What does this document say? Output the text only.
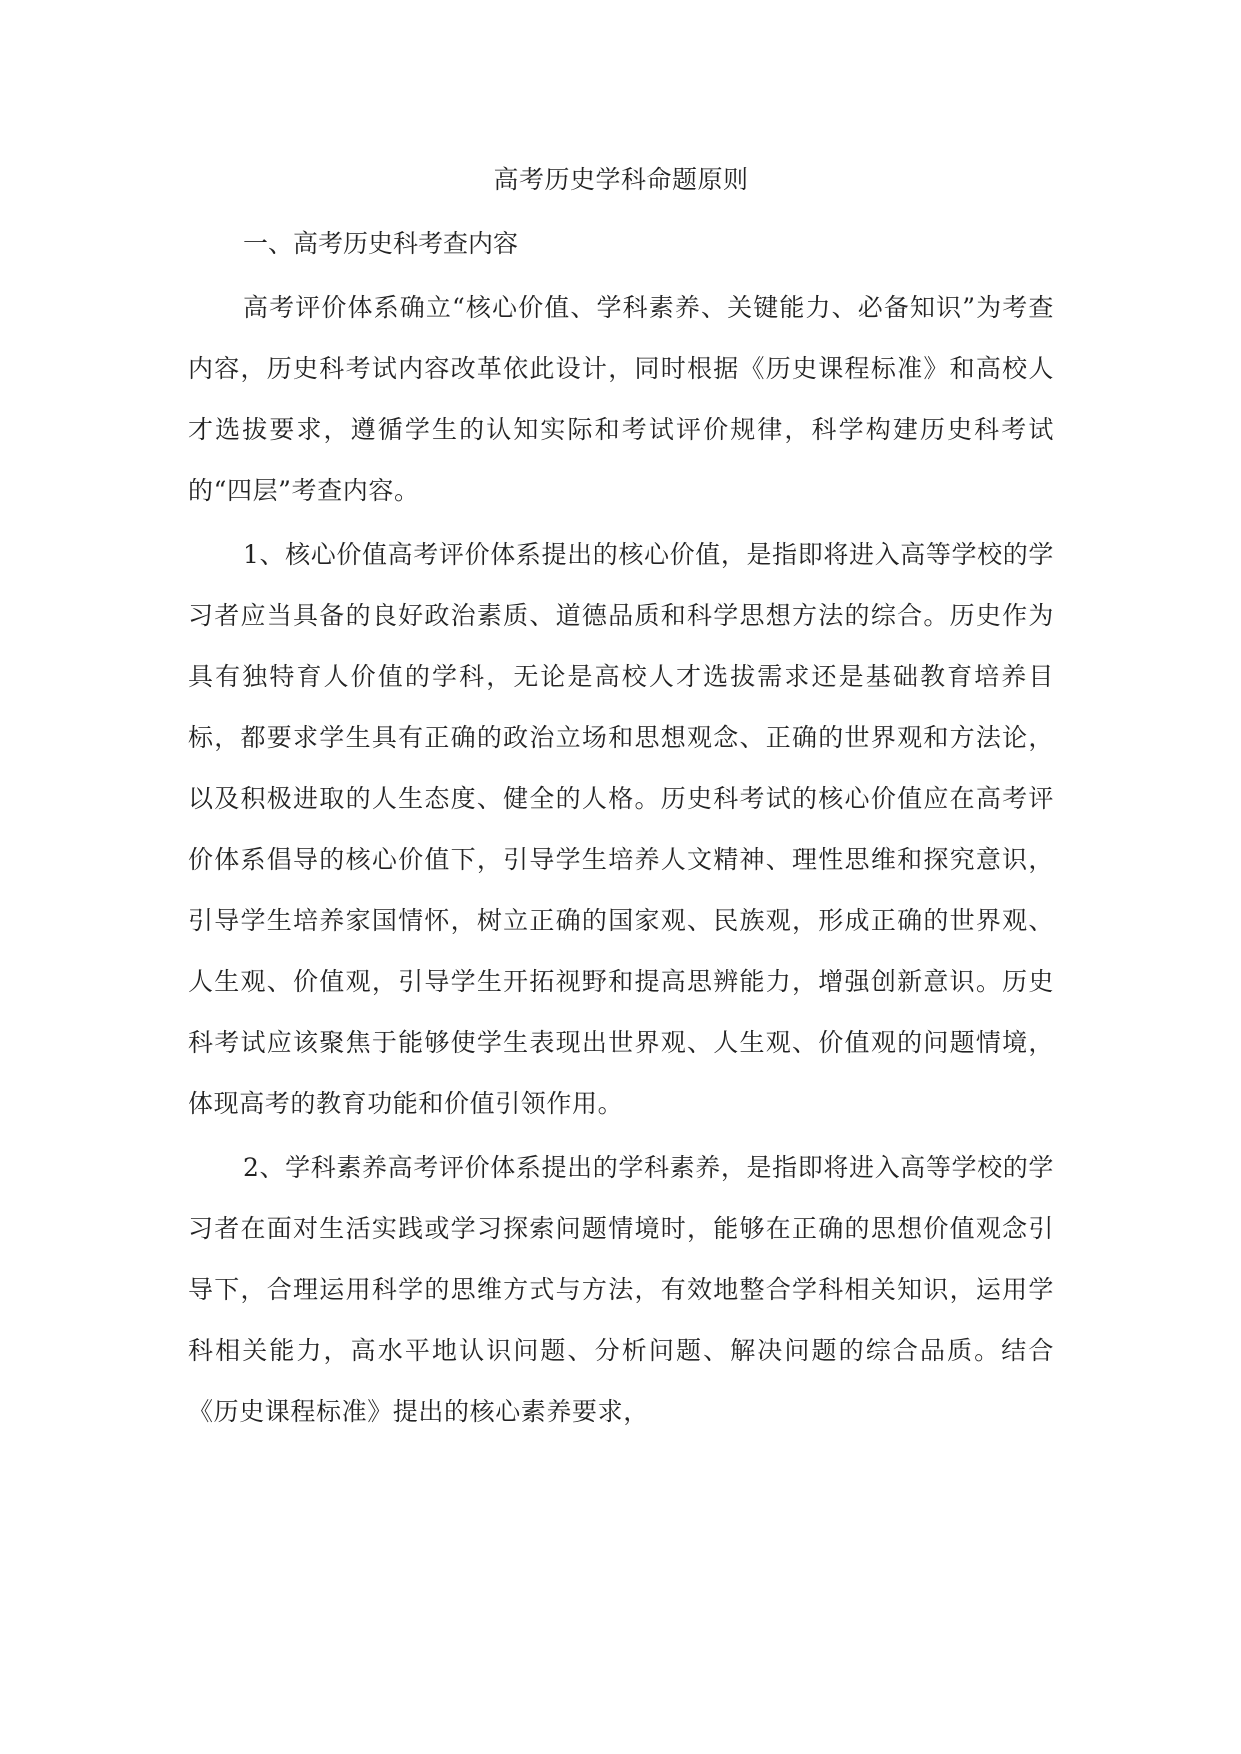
高考历史学科命题原则

一、高考历史科考查内容

高考评价体系确立“核心价值、学科素养、关键能力、必备知识”为考查内容，历史科考试内容改革依此设计，同时根据《历史课程标准》和高校人才选拔要求，遵循学生的认知实际和考试评价规律，科学构建历史科考试的“四层”考查内容。

1、核心价值高考评价体系提出的核心价值，是指即将进入高等学校的学习者应当具备的良好政治素质、道德品质和科学思想方法的综合。历史作为具有独特育人价值的学科，无论是高校人才选拔需求还是基础教育培养目标，都要求学生具有正确的政治立场和思想观念、正确的世界观和方法论，以及积极进取的人生态度、健全的人格。历史科考试的核心价值应在高考评价体系倡导的核心价值下，引导学生培养人文精神、理性思维和探究意识，引导学生培养家国情怀，树立正确的国家观、民族观，形成正确的世界观、人生观、价值观，引导学生开拓视野和提高思辨能力，增强创新意识。历史科考试应该聚焦于能够使学生表现出世界观、人生观、价值观的问题情境，体现高考的教育功能和价值引领作用。

2、学科素养高考评价体系提出的学科素养，是指即将进入高等学校的学习者在面对生活实践或学习探索问题情境时，能够在正确的思想价值观念引导下，合理运用科学的思维方式与方法，有效地整合学科相关知识，运用学科相关能力，高水平地认识问题、分析问题、解决问题的综合品质。结合《历史课程标准》提出的核心素养要求，
